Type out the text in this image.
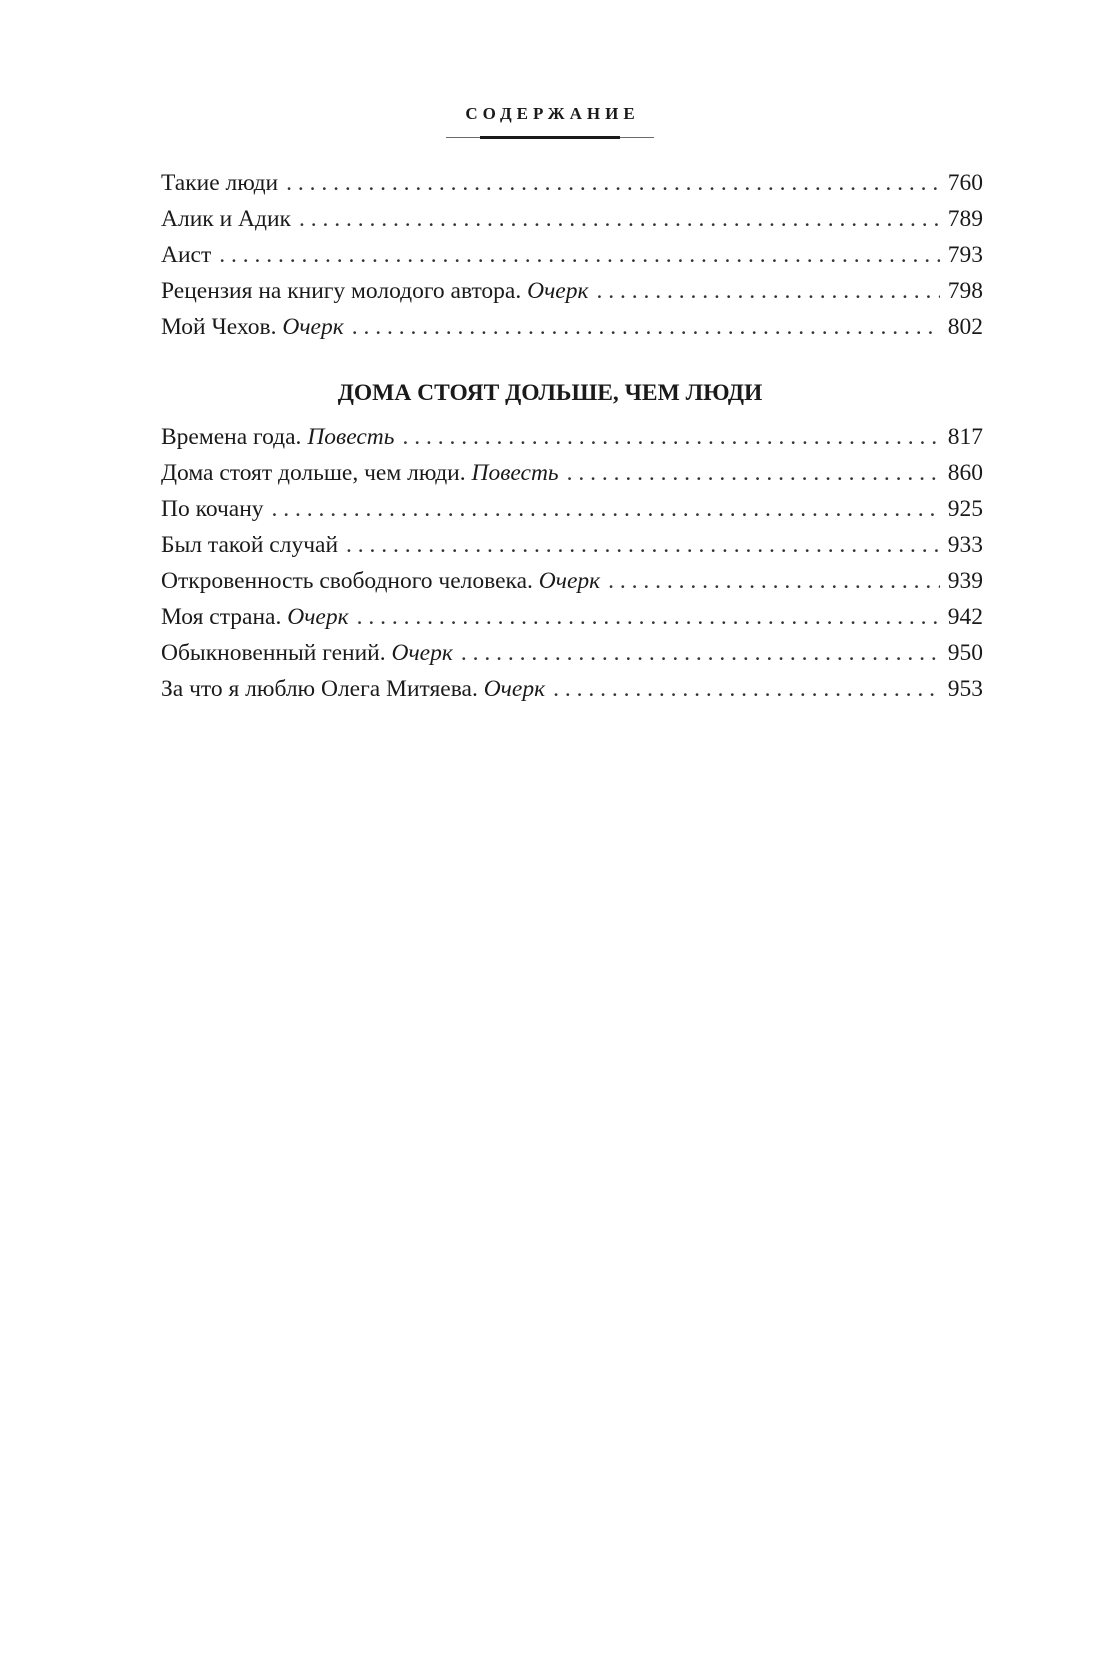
СОДЕРЖАНИЕ
Такие люди . . .	760
Алик и Адик . . .	789
Аист . . .	793
Рецензия на книгу молодого автора. Очерк . . .	798
Мой Чехов. Очерк . . .	802
ДОМА СТОЯТ ДОЛЬШЕ, ЧЕМ ЛЮДИ
Времена года. Повесть . . .	817
Дома стоят дольше, чем люди. Повесть . . .	860
По кочану . . .	925
Был такой случай . . .	933
Откровенность свободного человека. Очерк . . .	939
Моя страна. Очерк . . .	942
Обыкновенный гений. Очерк . . .	950
За что я люблю Олега Митяева. Очерк . . .	953
